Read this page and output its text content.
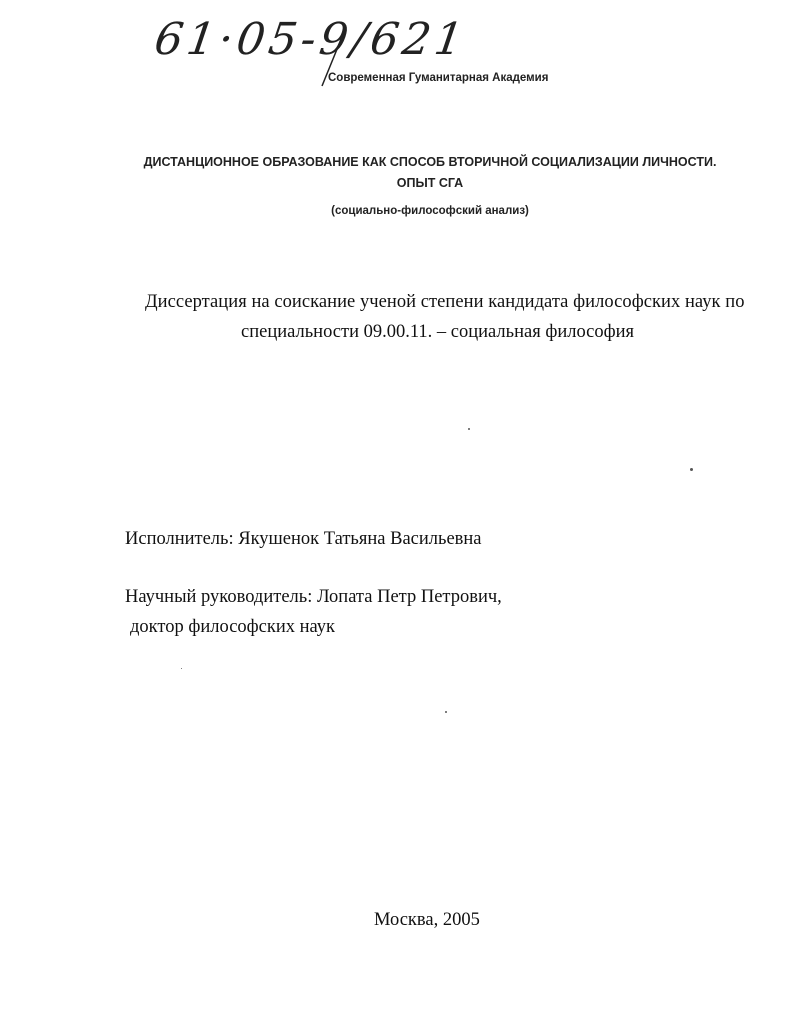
61·05-9/621
Современная Гуманитарная Академия
ДИСТАНЦИОННОЕ ОБРАЗОВАНИЕ КАК СПОСОБ ВТОРИЧНОЙ СОЦИАЛИЗАЦИИ ЛИЧНОСТИ.
ОПЫТ СГА
(социально-философский анализ)
Диссертация на соискание ученой степени кандидата философских наук по
специальности 09.00.11. – социальная философия
Исполнитель: Якушенок Татьяна Васильевна
Научный руководитель: Лопата Петр Петрович,
доктор философских наук
Москва, 2005
